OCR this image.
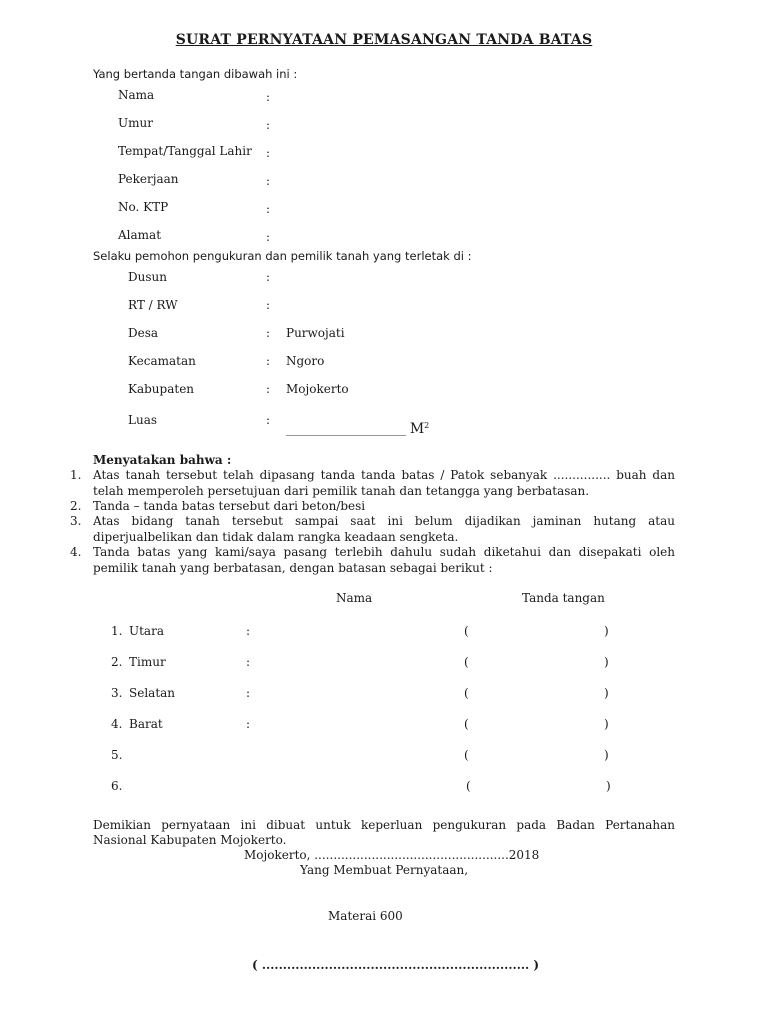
SURAT PERNYATAAN PEMASANGAN TANDA BATAS
Yang bertanda tangan dibawah ini :
Nama	:
Umur	:
Tempat/Tanggal Lahir :
Pekerjaan	:
No. KTP	:
Alamat	:
Selaku pemohon pengukuran dan pemilik tanah yang terletak di :
Dusun	:
RT / RW	:
Desa	: Purwojati
Kecamatan	: Ngoro
Kabupaten	: Mojokerto
Luas	:
____________________ $M^2$
Menyatakan bahwa :
1. Atas tanah tersebut telah dipasang tanda tanda batas / Patok sebanyak ............... buah dan
telah memperoleh persetujuan dari pemilik tanah dan tetangga yang berbatasan.
2. Tanda – tanda batas tersebut dari beton/besi
3. Atas bidang tanah tersebut sampai saat ini belum dijadikan jaminan hutang atau
diperjualbelikan dan tidak dalam rangka keadaan sengketa.
4. Tanda batas yang kami/saya pasang terlebih dahulu sudah diketahui dan disepakati oleh
pemilik tanah yang berbatasan, dengan batasan sebagai berikut :
Nama	Tanda tangan
1. Utara	:	(	)
2. Timur	:	(	)
3. Selatan	:	(	)
4. Barat	:	(	)
5.	(	)
6.	(	)
Demikian pernyataan ini dibuat untuk keperluan pengukuran pada Badan Pertanahan
Nasional Kabupaten Mojokerto.
Mojokerto, ...................................................2018
Yang Membuat Pernyataan,
Materai 600
( ................................................................ )
